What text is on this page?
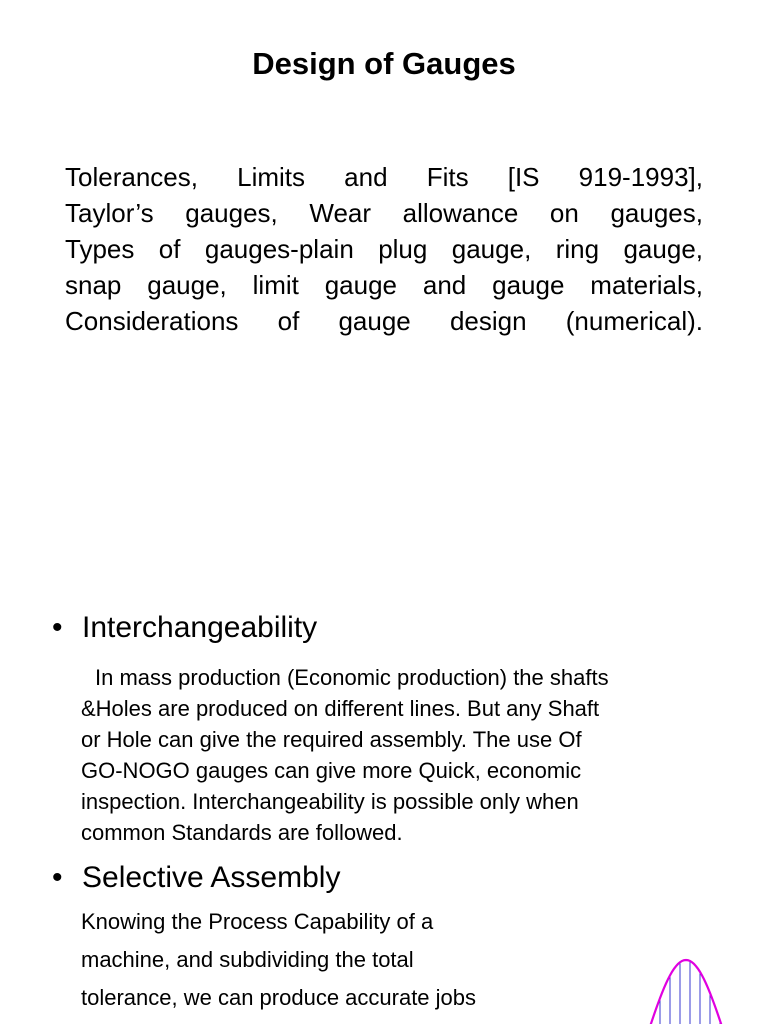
Design of Gauges
Tolerances, Limits and Fits [IS 919-1993],
Taylor’s gauges, Wear allowance on gauges,
Types of gauges-plain plug gauge, ring gauge,
snap gauge, limit gauge and gauge materials,
Considerations of gauge design (numerical).
• Interchangeability
In mass production (Economic production) the shafts
&Holes are produced on different lines. But any Shaft
or Hole can give the required assembly. The use Of
GO-NOGO gauges can give more Quick, economic
inspection. Interchangeability is possible only when
common Standards are followed.
• Selective Assembly
Knowing the Process Capability of a
machine, and subdividing the total
tolerance, we can produce accurate jobs
